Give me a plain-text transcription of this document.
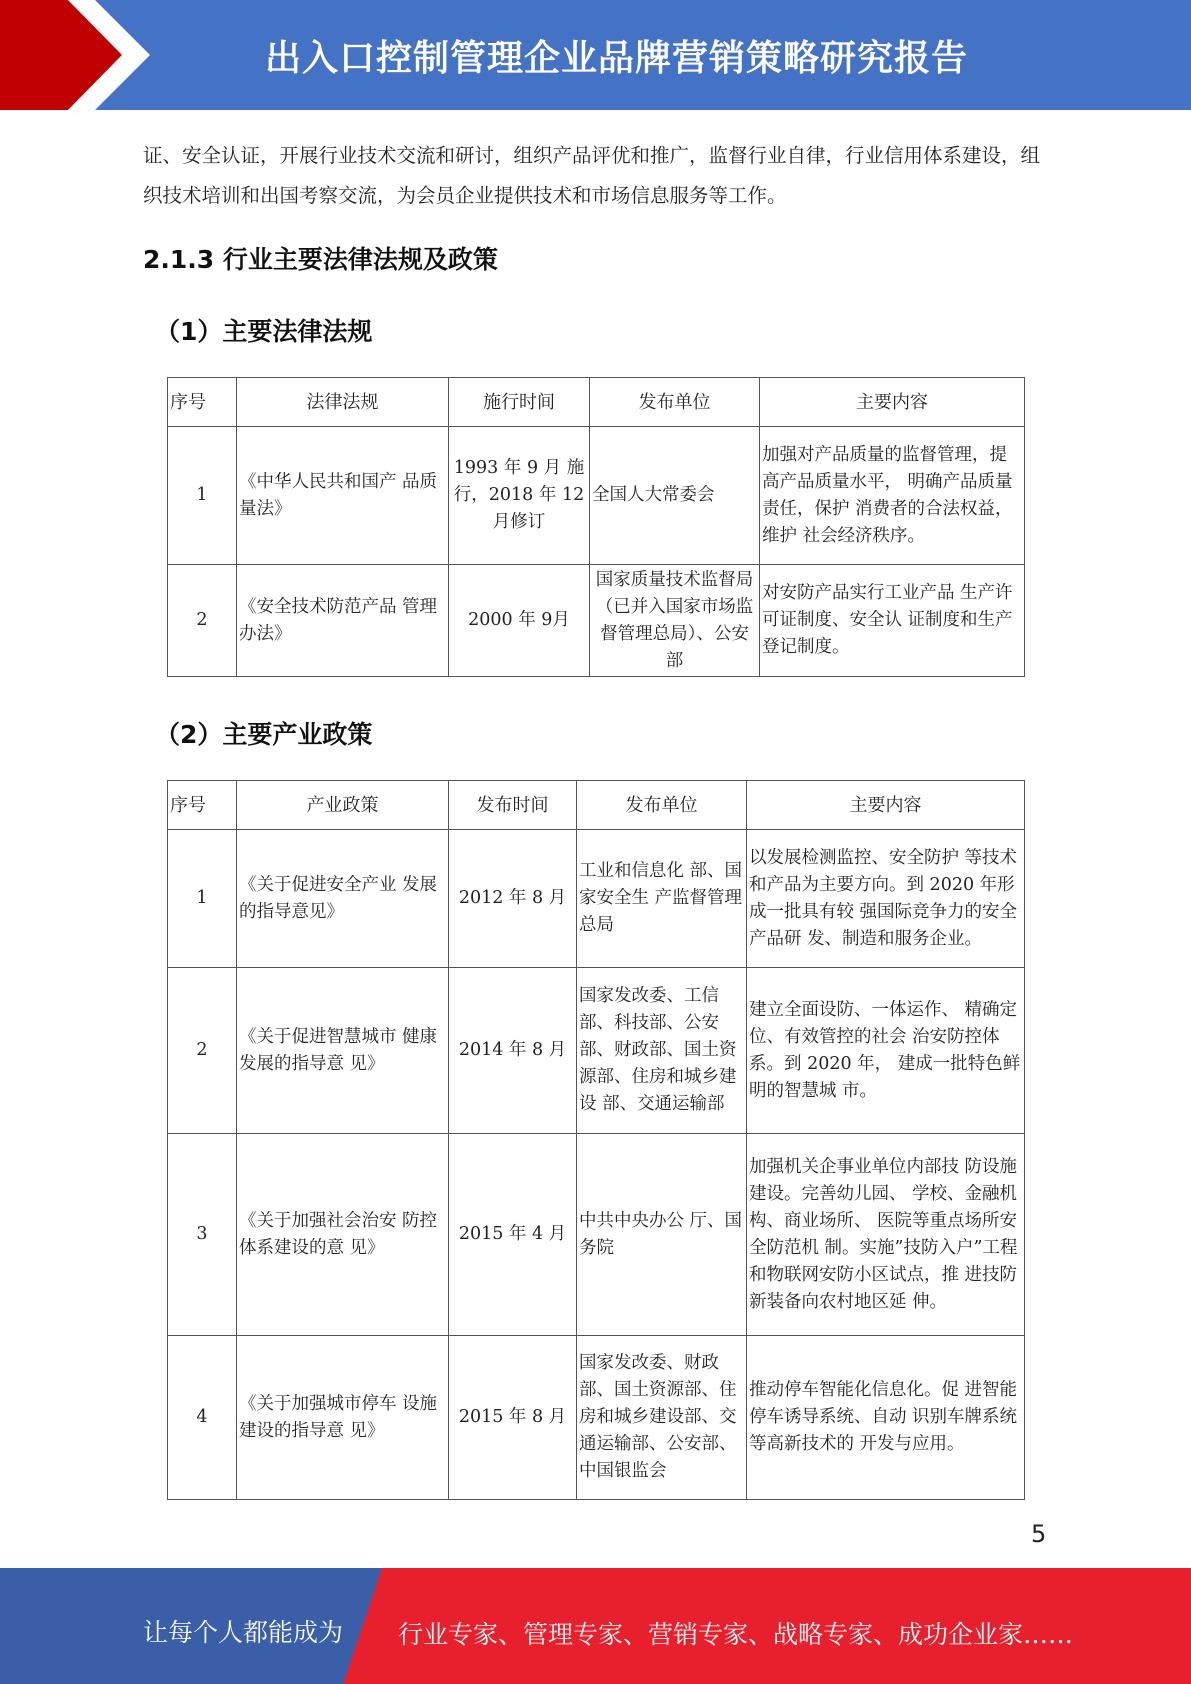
出入口控制管理企业品牌营销策略研究报告
证、安全认证，开展行业技术交流和研讨，组织产品评优和推广，监督行业自律，行业信用体系建设，组织技术培训和出国考察交流，为会员企业提供技术和市场信息服务等工作。
2.1.3 行业主要法律法规及政策
（1）主要法律法规
序号	法律法规	施行时间	发布单位	主要内容
1	《中华人民共和国产 品质量法》	1993 年 9 月 施行，2018 年 12 月修订	全国人大常委会	加强对产品质量的监督管理，提高产品质量水平， 明确产品质量责任，保护 消费者的合法权益，维护 社会经济秩序。
2	《安全技术防范产品 管理办法》	2000 年 9月	国家质量技术监督局（已并入国家市场监督管理总局）、公安部	对安防产品实行工业产品 生产许可证制度、安全认 证制度和生产登记制度。
（2）主要产业政策
序号	产业政策	发布时间	发布单位	主要内容
1	《关于促进安全产业 发展的指导意见》	2012 年 8 月	工业和信息化 部、国家安全生 产监督管理总局	以发展检测监控、安全防护 等技术和产品为主要方向。到 2020 年形成一批具有较 强国际竞争力的安全产品研 发、制造和服务企业。
2	《关于促进智慧城市 健康发展的指导意 见》	2014 年 8 月	国家发改委、工信部、科技部、公安部、财政部、国土资源部、住房和城乡建设 部、交通运输部	建立全面设防、一体运作、 精确定位、有效管控的社会 治安防控体系。到 2020 年， 建成一批特色鲜明的智慧城 市。
3	《关于加强社会治安 防控体系建设的意 见》	2015 年 4 月	中共中央办公 厅、国务院	加强机关企事业单位内部技 防设施建设。完善幼儿园、 学校、金融机构、商业场所、 医院等重点场所安全防范机 制。实施”技防入户”工程 和物联网安防小区试点，推 进技防新装备向农村地区延 伸。
4	《关于加强城市停车 设施建设的指导意 见》	2015 年 8 月	国家发改委、财政部、国土资源部、住房和城乡建设部、交通运输部、公安部、中国银监会	推动停车智能化信息化。促 进智能停车诱导系统、自动 识别车牌系统等高新技术的 开发与应用。
5
让每个人都能成为 行业专家、管理专家、营销专家、战略专家、成功企业家……
